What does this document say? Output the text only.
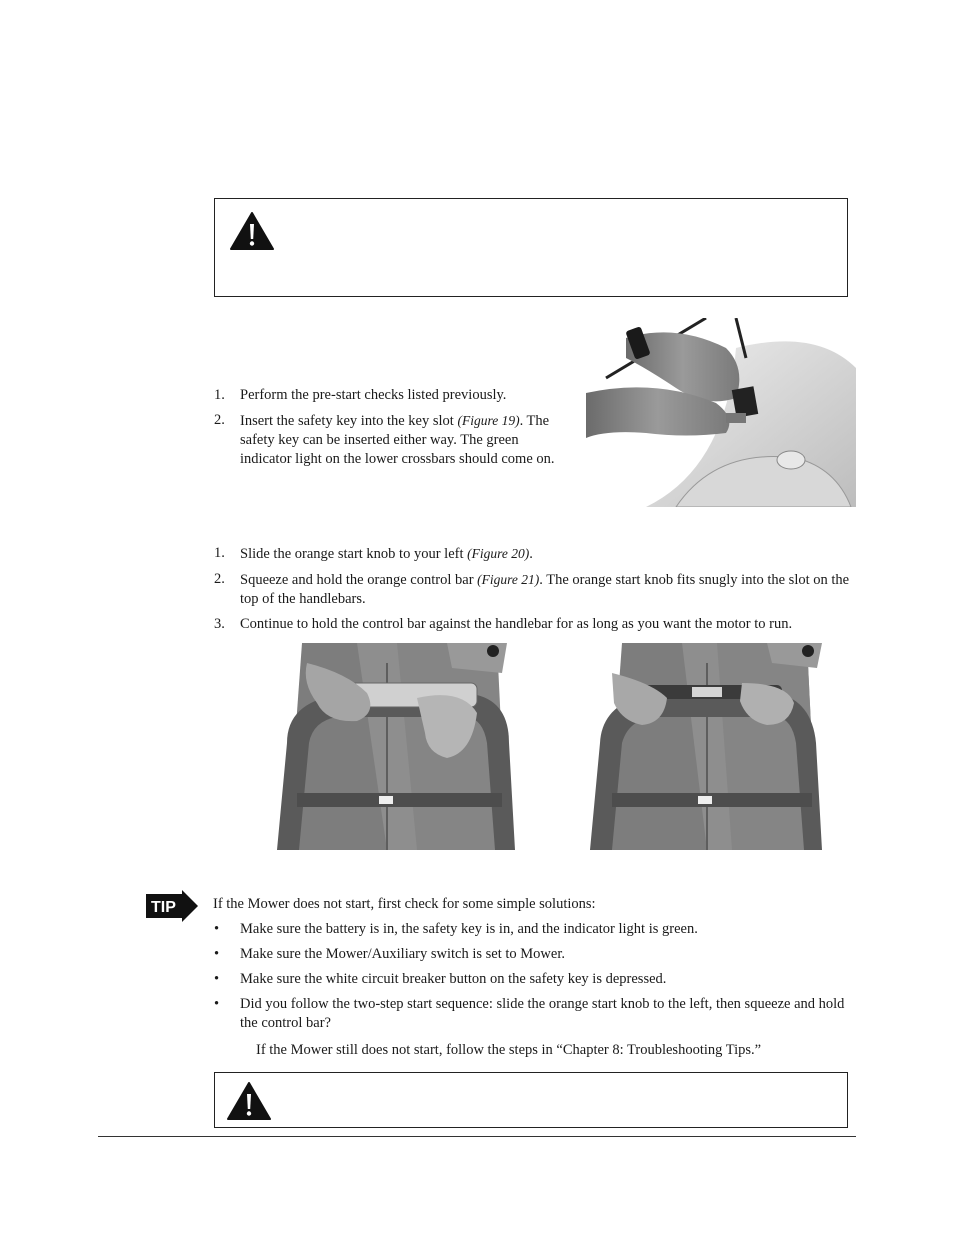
1. Perform the pre-start checks listed previously.
2. Insert the safety key into the key slot (Figure 19). The safety key can be inserted either way. The green indicator light on the lower crossbars should come on.
1. Slide the orange start knob to your left (Figure 20).
2. Squeeze and hold the orange control bar (Figure 21). The orange start knob fits snugly into the slot on the top of the handlebars.
3. Continue to hold the control bar against the handlebar for as long as you want the motor to run.
TIP	If the Mower does not start, first check for some simple solutions:
• Make sure the battery is in, the safety key is in, and the indicator light is green.
• Make sure the Mower/Auxiliary switch is set to Mower.
• Make sure the white circuit breaker button on the safety key is depressed.
• Did you follow the two-step start sequence: slide the orange start knob to the left, then squeeze and hold the control bar?
If the Mower still does not start, follow the steps in “Chapter 8: Troubleshooting Tips.”
